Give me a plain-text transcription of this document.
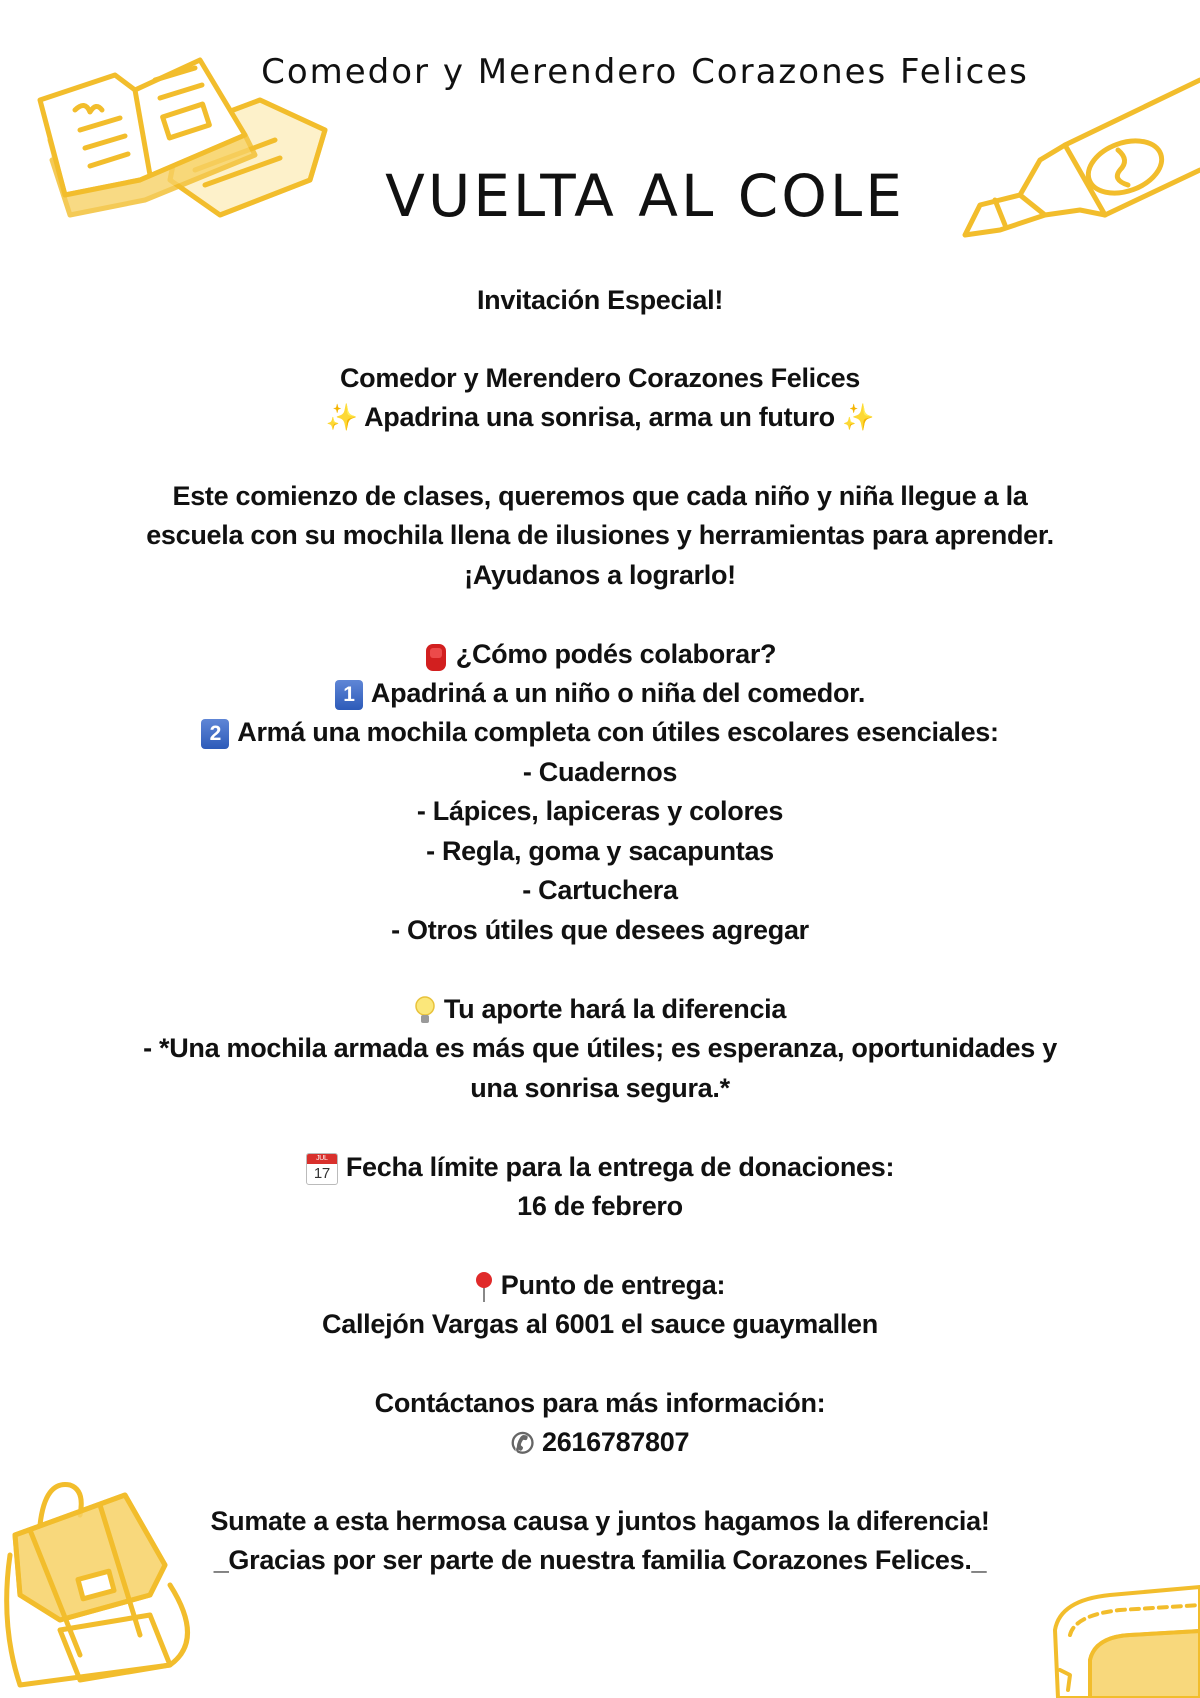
Comedor y Merendero Corazones Felices
VUELTA AL COLE
Invitación Especial!
Comedor y Merendero Corazones Felices
✨ Apadrina una sonrisa, arma un futuro ✨
Este comienzo de clases, queremos que cada niño y niña llegue a la
escuela con su mochila llena de ilusiones y herramientas para aprender.
¡Ayudanos a lograrlo!
¿Cómo podés colaborar?
1 Apadriná a un niño o niña del comedor.
2 Armá una mochila completa con útiles escolares esenciales:
- Cuadernos
- Lápices, lapiceras y colores
- Regla, goma y sacapuntas
- Cartuchera
- Otros útiles que desees agregar
Tu aporte hará la diferencia
- *Una mochila armada es más que útiles; es esperanza, oportunidades y
una sonrisa segura.*
JUL
17 Fecha límite para la entrega de donaciones:
16 de febrero
Punto de entrega:
Callejón Vargas al 6001 el sauce guaymallen
Contáctanos para más información:
✆ 2616787807
Sumate a esta hermosa causa y juntos hagamos la diferencia!
_Gracias por ser parte de nuestra familia Corazones Felices._
